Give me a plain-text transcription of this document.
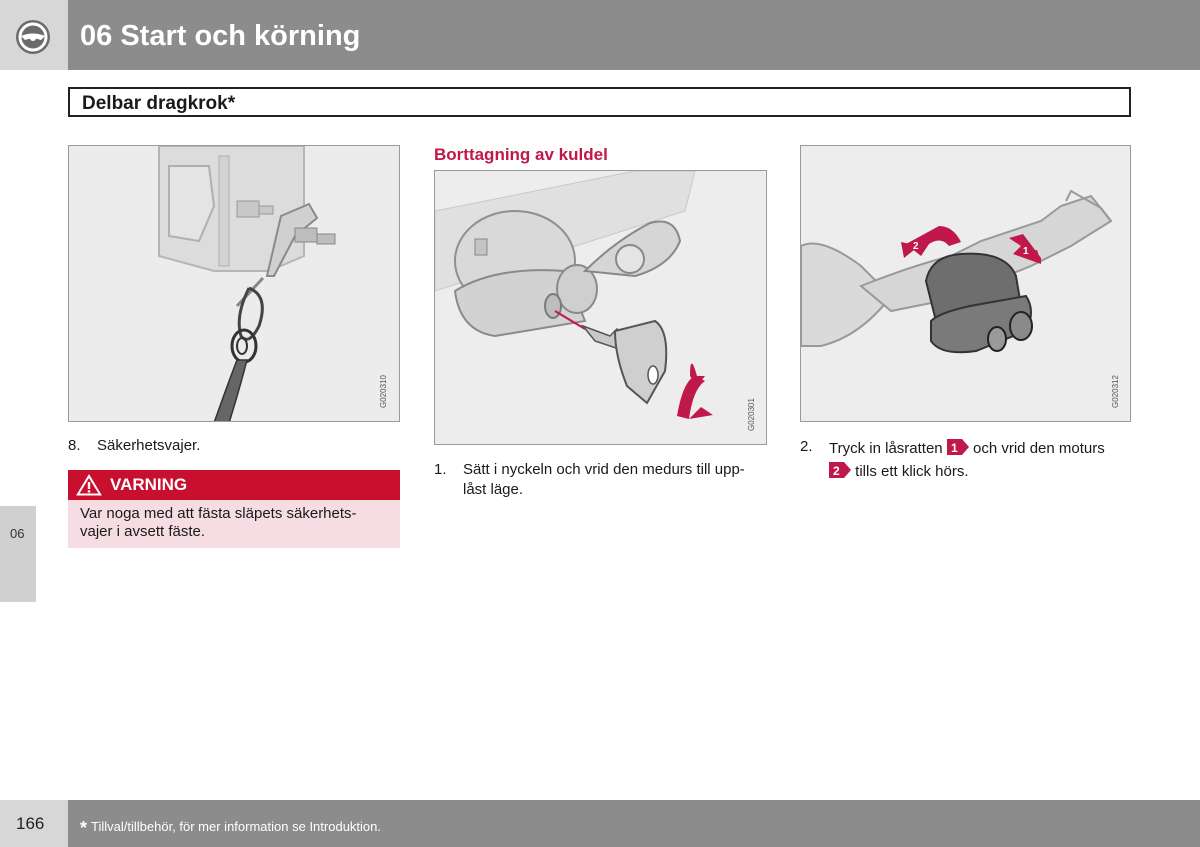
06 Start och körning
Delbar dragkrok*
06
G020310
8. Säkerhetsvajer.
VARNING
Var noga med att fästa släpets säkerhets-
vajer i avsett fäste.
Borttagning av kuldel
G020301
1. Sätt i nyckeln och vrid den medurs till upp-
låst läge.
2	1
G020312
2. Tryck in låsratten 1 och vrid den moturs
2 tills ett klick hörs.
166 * Tillval/tillbehör, för mer information se Introduktion.
